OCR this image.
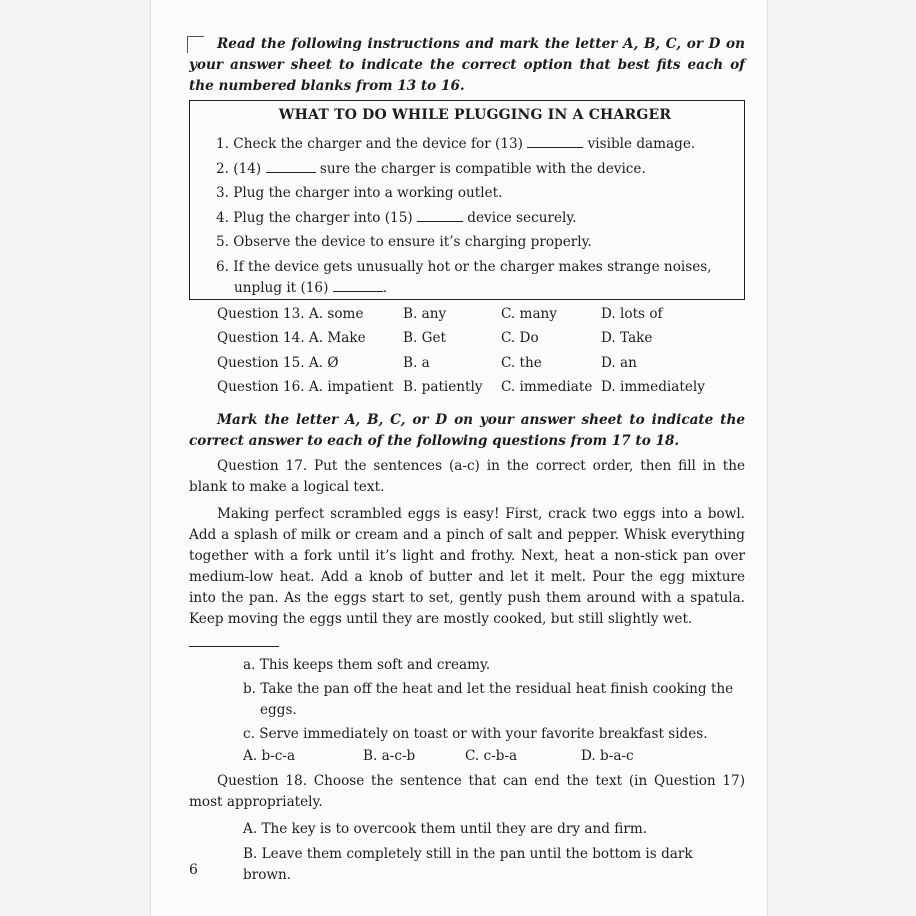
Read the following instructions and mark the letter A, B, C, or D on your answer sheet to indicate the correct option that best fits each of the numbered blanks from 13 to 16.

WHAT TO DO WHILE PLUGGING IN A CHARGER
1. Check the charger and the device for (13)	visible damage.
2. (14)	sure the charger is compatible with the device.
3. Plug the charger into a working outlet.
4. Plug the charger into (15)	device securely.
5. Observe the device to ensure it’s charging properly.
6. If the device gets unusually hot or the charger makes strange noises, unplug it (16)	.
Question 13. A. some	B. any	C. many	D. lots of
Question 14. A. Make	B. Get	C. Do	D. Take
Question 15. A. Ø	B. a	C. the	D. an
Question 16. A. impatient B. patiently	C. immediate D. immediately

Mark the letter A, B, C, or D on your answer sheet to indicate the correct answer to each of the following questions from 17 to 18.

Question 17. Put the sentences (a-c) in the correct order, then fill in the blank to make a logical text.

Making perfect scrambled eggs is easy! First, crack two eggs into a bowl. Add a splash of milk or cream and a pinch of salt and pepper. Whisk everything together with a fork until it’s light and frothy. Next, heat a non-stick pan over medium-low heat. Add a knob of butter and let it melt. Pour the egg mixture into the pan. As the eggs start to set, gently push them around with a spatula. Keep moving the eggs until they are mostly cooked, but still slightly wet.

a. This keeps them soft and creamy.
b. Take the pan off the heat and let the residual heat finish cooking the eggs.
c. Serve immediately on toast or with your favorite breakfast sides.
A. b-c-a	B. a-c-b	C. c-b-a	D. b-a-c

Question 18. Choose the sentence that can end the text (in Question 17) most appropriately.

A. The key is to overcook them until they are dry and firm.
B. Leave them completely still in the pan until the bottom is dark brown.
6
